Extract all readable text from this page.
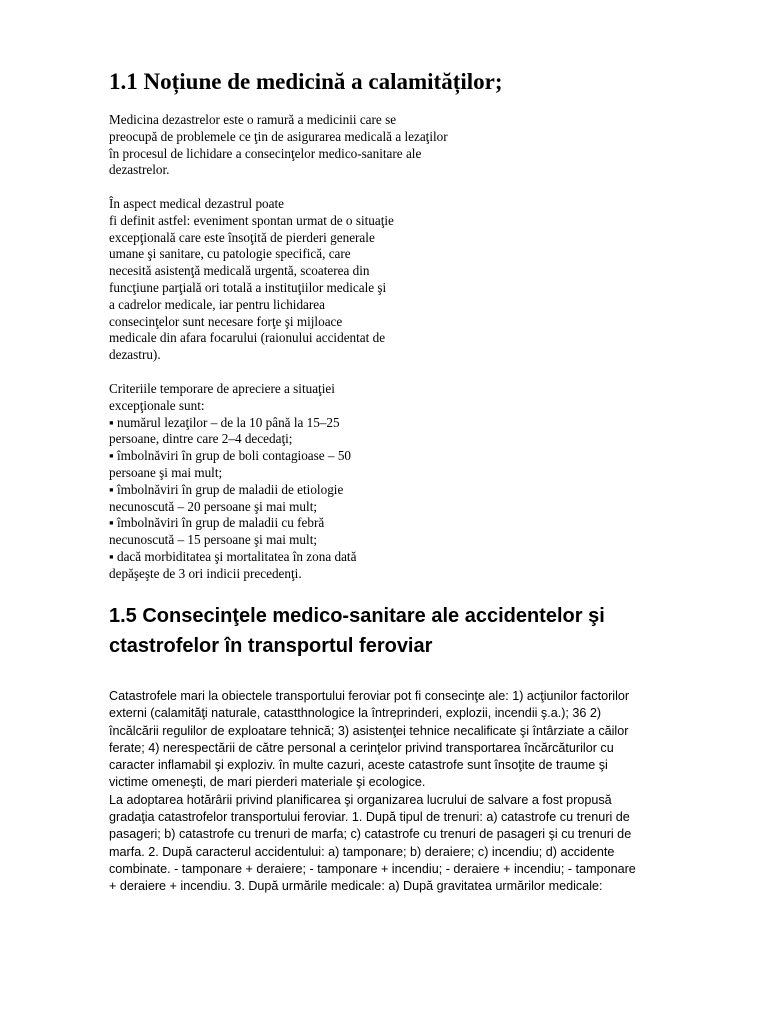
1.1 Noțiune de medicină a calamităților;
Medicina dezastrelor este o ramură a medicinii care se
preocupă de problemele ce ţin de asigurarea medicală a lezaţilor
în procesul de lichidare a consecinţelor medico-sanitare ale
dezastrelor.
În aspect medical dezastrul poate
fi definit astfel: eveniment spontan urmat de o situaţie
excepţională care este însoţită de pierderi generale
umane şi sanitare, cu patologie specifică, care
necesită asistenţă medicală urgentă, scoaterea din
funcţiune parţială ori totală a instituţiilor medicale şi
a cadrelor medicale, iar pentru lichidarea
consecinţelor sunt necesare forţe şi mijloace
medicale din afara focarului (raionului accidentat de
dezastru).
Criteriile temporare de apreciere a situaţiei
excepţionale sunt:
▪ numărul lezaţilor – de la 10 până la 15–25
persoane, dintre care 2–4 decedaţi;
▪ îmbolnăviri în grup de boli contagioase – 50
persoane şi mai mult;
▪ îmbolnăviri în grup de maladii de etiologie
necunoscută – 20 persoane şi mai mult;
▪ îmbolnăviri în grup de maladii cu febră
necunoscută – 15 persoane şi mai mult;
▪ dacă morbiditatea şi mortalitatea în zona dată
depăşeşte de 3 ori indicii precedenţi.
1.5 Consecinţele medico-sanitare ale accidentelor şi
ctastrofelor în transportul feroviar
Catastrofele mari la obiectele transportului feroviar pot fi consecinţe ale: 1) acţiunilor factorilor
externi (calamităţi naturale, catastthnologice la întreprinderi, explozii, incendii ş.a.); 36 2)
încălcării regulilor de exploatare tehnică; 3) asistenţei tehnice necalificate şi întârziate a căilor
ferate; 4) nerespectării de către personal a cerinţelor privind transportarea încărcăturilor cu
caracter inflamabil şi exploziv. în multe cazuri, aceste catastrofe sunt însoţite de traume şi
victime omeneşti, de mari pierderi materiale şi ecologice.
La adoptarea hotărârii privind planificarea şi organizarea lucrului de salvare a fost propusă
gradaţia catastrofelor transportului feroviar. 1. După tipul de trenuri: a) catastrofe cu trenuri de
pasageri; b) catastrofe cu trenuri de marfa; c) catastrofe cu trenuri de pasageri şi cu trenuri de
marfa. 2. După caracterul accidentului: a) tamponare; b) deraiere; c) incendiu; d) accidente
combinate. - tamponare + deraiere; - tamponare + incendiu; - deraiere + incendiu; - tamponare
+ deraiere + incendiu. 3. După urmările medicale: a) După gravitatea urmărilor medicale:
